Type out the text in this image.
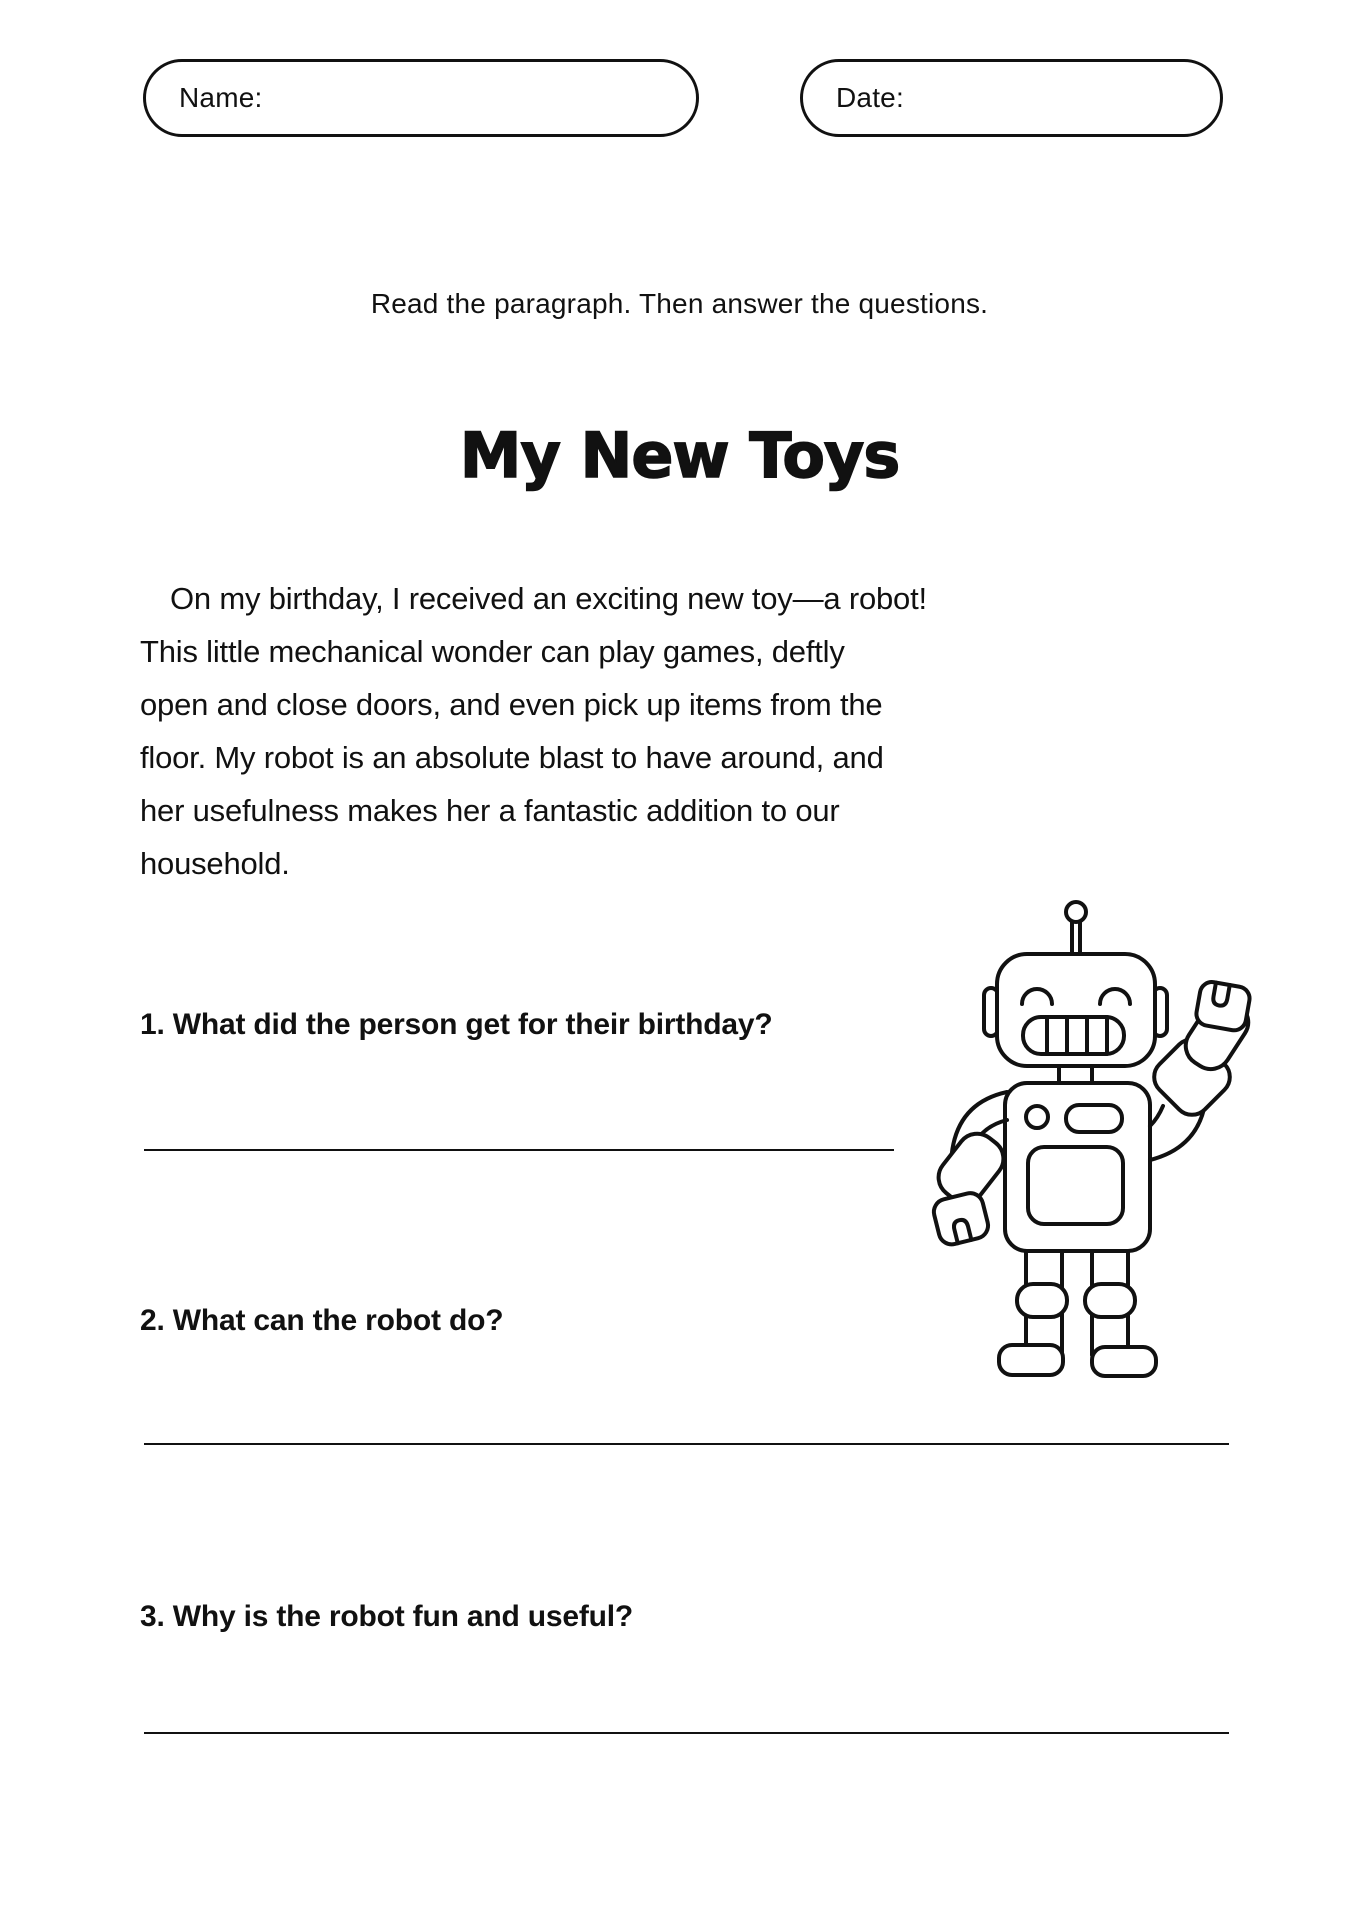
Name:	Date:
Read the paragraph. Then answer the questions.
My New Toys
On my birthday, I received an exciting new toy—a robot!
This little mechanical wonder can play games, deftly
open and close doors, and even pick up items from the
floor. My robot is an absolute blast to have around, and
her usefulness makes her a fantastic addition to our
household.
1. What did the person get for their birthday?
2. What can the robot do?
3. Why is the robot fun and useful?
